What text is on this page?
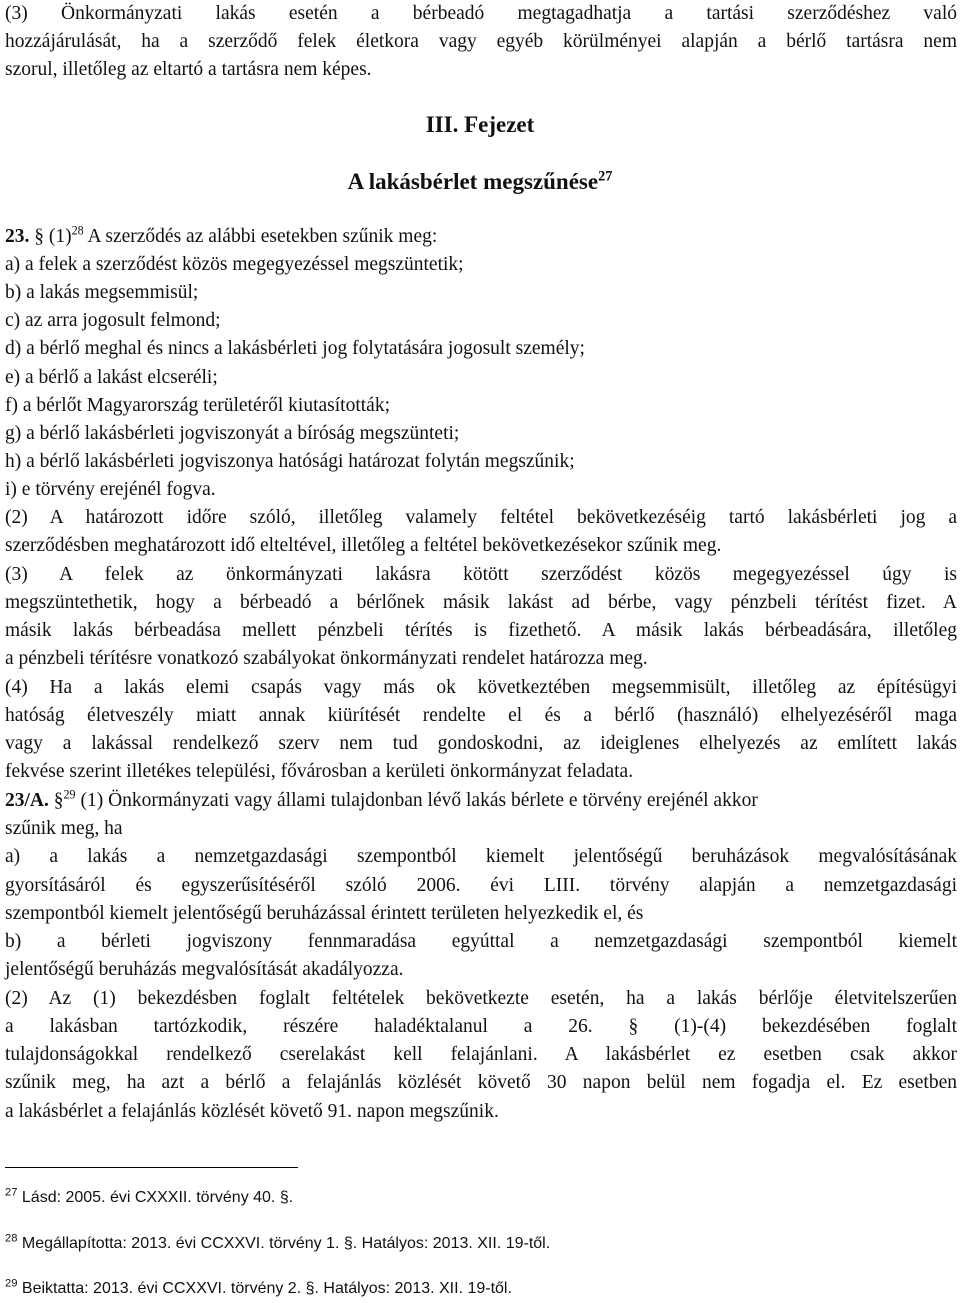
(3) Önkormányzati lakás esetén a bérbeadó megtagadhatja a tartási szerződéshez való
hozzájárulását, ha a szerződő felek életkora vagy egyéb körülményei alapján a bérlő tartásra nem
szorul, illetőleg az eltartó a tartásra nem képes.
III. Fejezet
A lakásbérlet megszűnése$^{27}$
23. § $(1)^{28}$ A szerződés az alábbi esetekben szűnik meg:
a) a felek a szerződést közös megegyezéssel megszüntetik;
b) a lakás megsemmisül;
c) az arra jogosult felmond;
d) a bérlő meghal és nincs a lakásbérleti jog folytatására jogosult személy;
e) a bérlő a lakást elcseréli;
f) a bérlőt Magyarország területéről kiutasították;
g) a bérlő lakásbérleti jogviszonyát a bíróság megszünteti;
h) a bérlő lakásbérleti jogviszonya hatósági határozat folytán megszűnik;
i) e törvény erejénél fogva.
(2) A határozott időre szóló, illetőleg valamely feltétel bekövetkezéséig tartó lakásbérleti jog a
szerződésben meghatározott idő elteltével, illetőleg a feltétel bekövetkezésekor szűnik meg.
(3) A felek az önkormányzati lakásra kötött szerződést közös megegyezéssel úgy is
megszüntethetik, hogy a bérbeadó a bérlőnek másik lakást ad bérbe, vagy pénzbeli térítést fizet. A
másik lakás bérbeadása mellett pénzbeli térítés is fizethető. A másik lakás bérbeadására, illetőleg
a pénzbeli térítésre vonatkozó szabályokat önkormányzati rendelet határozza meg.
(4) Ha a lakás elemi csapás vagy más ok következtében megsemmisült, illetőleg az építésügyi
hatóság életveszély miatt annak kiürítését rendelte el és a bérlő (használó) elhelyezéséről maga
vagy a lakással rendelkező szerv nem tud gondoskodni, az ideiglenes elhelyezés az említett lakás
fekvése szerint illetékes települési, fővárosban a kerületi önkormányzat feladata.
23/A. §$^{29}$ (1) Önkormányzati vagy állami tulajdonban lévő lakás bérlete e törvény erejénél akkor
szűnik meg, ha
a) a lakás a nemzetgazdasági szempontból kiemelt jelentőségű beruházások megvalósításának
gyorsításáról és egyszerűsítéséről szóló 2006. évi LIII. törvény alapján a nemzetgazdasági
szempontból kiemelt jelentőségű beruházással érintett területen helyezkedik el, és
b) a bérleti jogviszony fennmaradása egyúttal a nemzetgazdasági szempontból kiemelt
jelentőségű beruházás megvalósítását akadályozza.
(2) Az (1) bekezdésben foglalt feltételek bekövetkezte esetén, ha a lakás bérlője életvitelszerűen
a lakásban tartózkodik, részére haladéktalanul a 26. § (1)-(4) bekezdésében foglalt
tulajdonságokkal rendelkező cserelakást kell felajánlani. A lakásbérlet ez esetben csak akkor
szűnik meg, ha azt a bérlő a felajánlás közlését követő 30 napon belül nem fogadja el. Ez esetben
a lakásbérlet a felajánlás közlését követő 91. napon megszűnik.
$^{27}$ Lásd: 2005. évi CXXXII. törvény 40. §.
$^{28}$ Megállapította: 2013. évi CCXXVI. törvény 1. §. Hatályos: 2013. XII. 19-től.
$^{29}$ Beiktatta: 2013. évi CCXXVI. törvény 2. §. Hatályos: 2013. XII. 19-től.
